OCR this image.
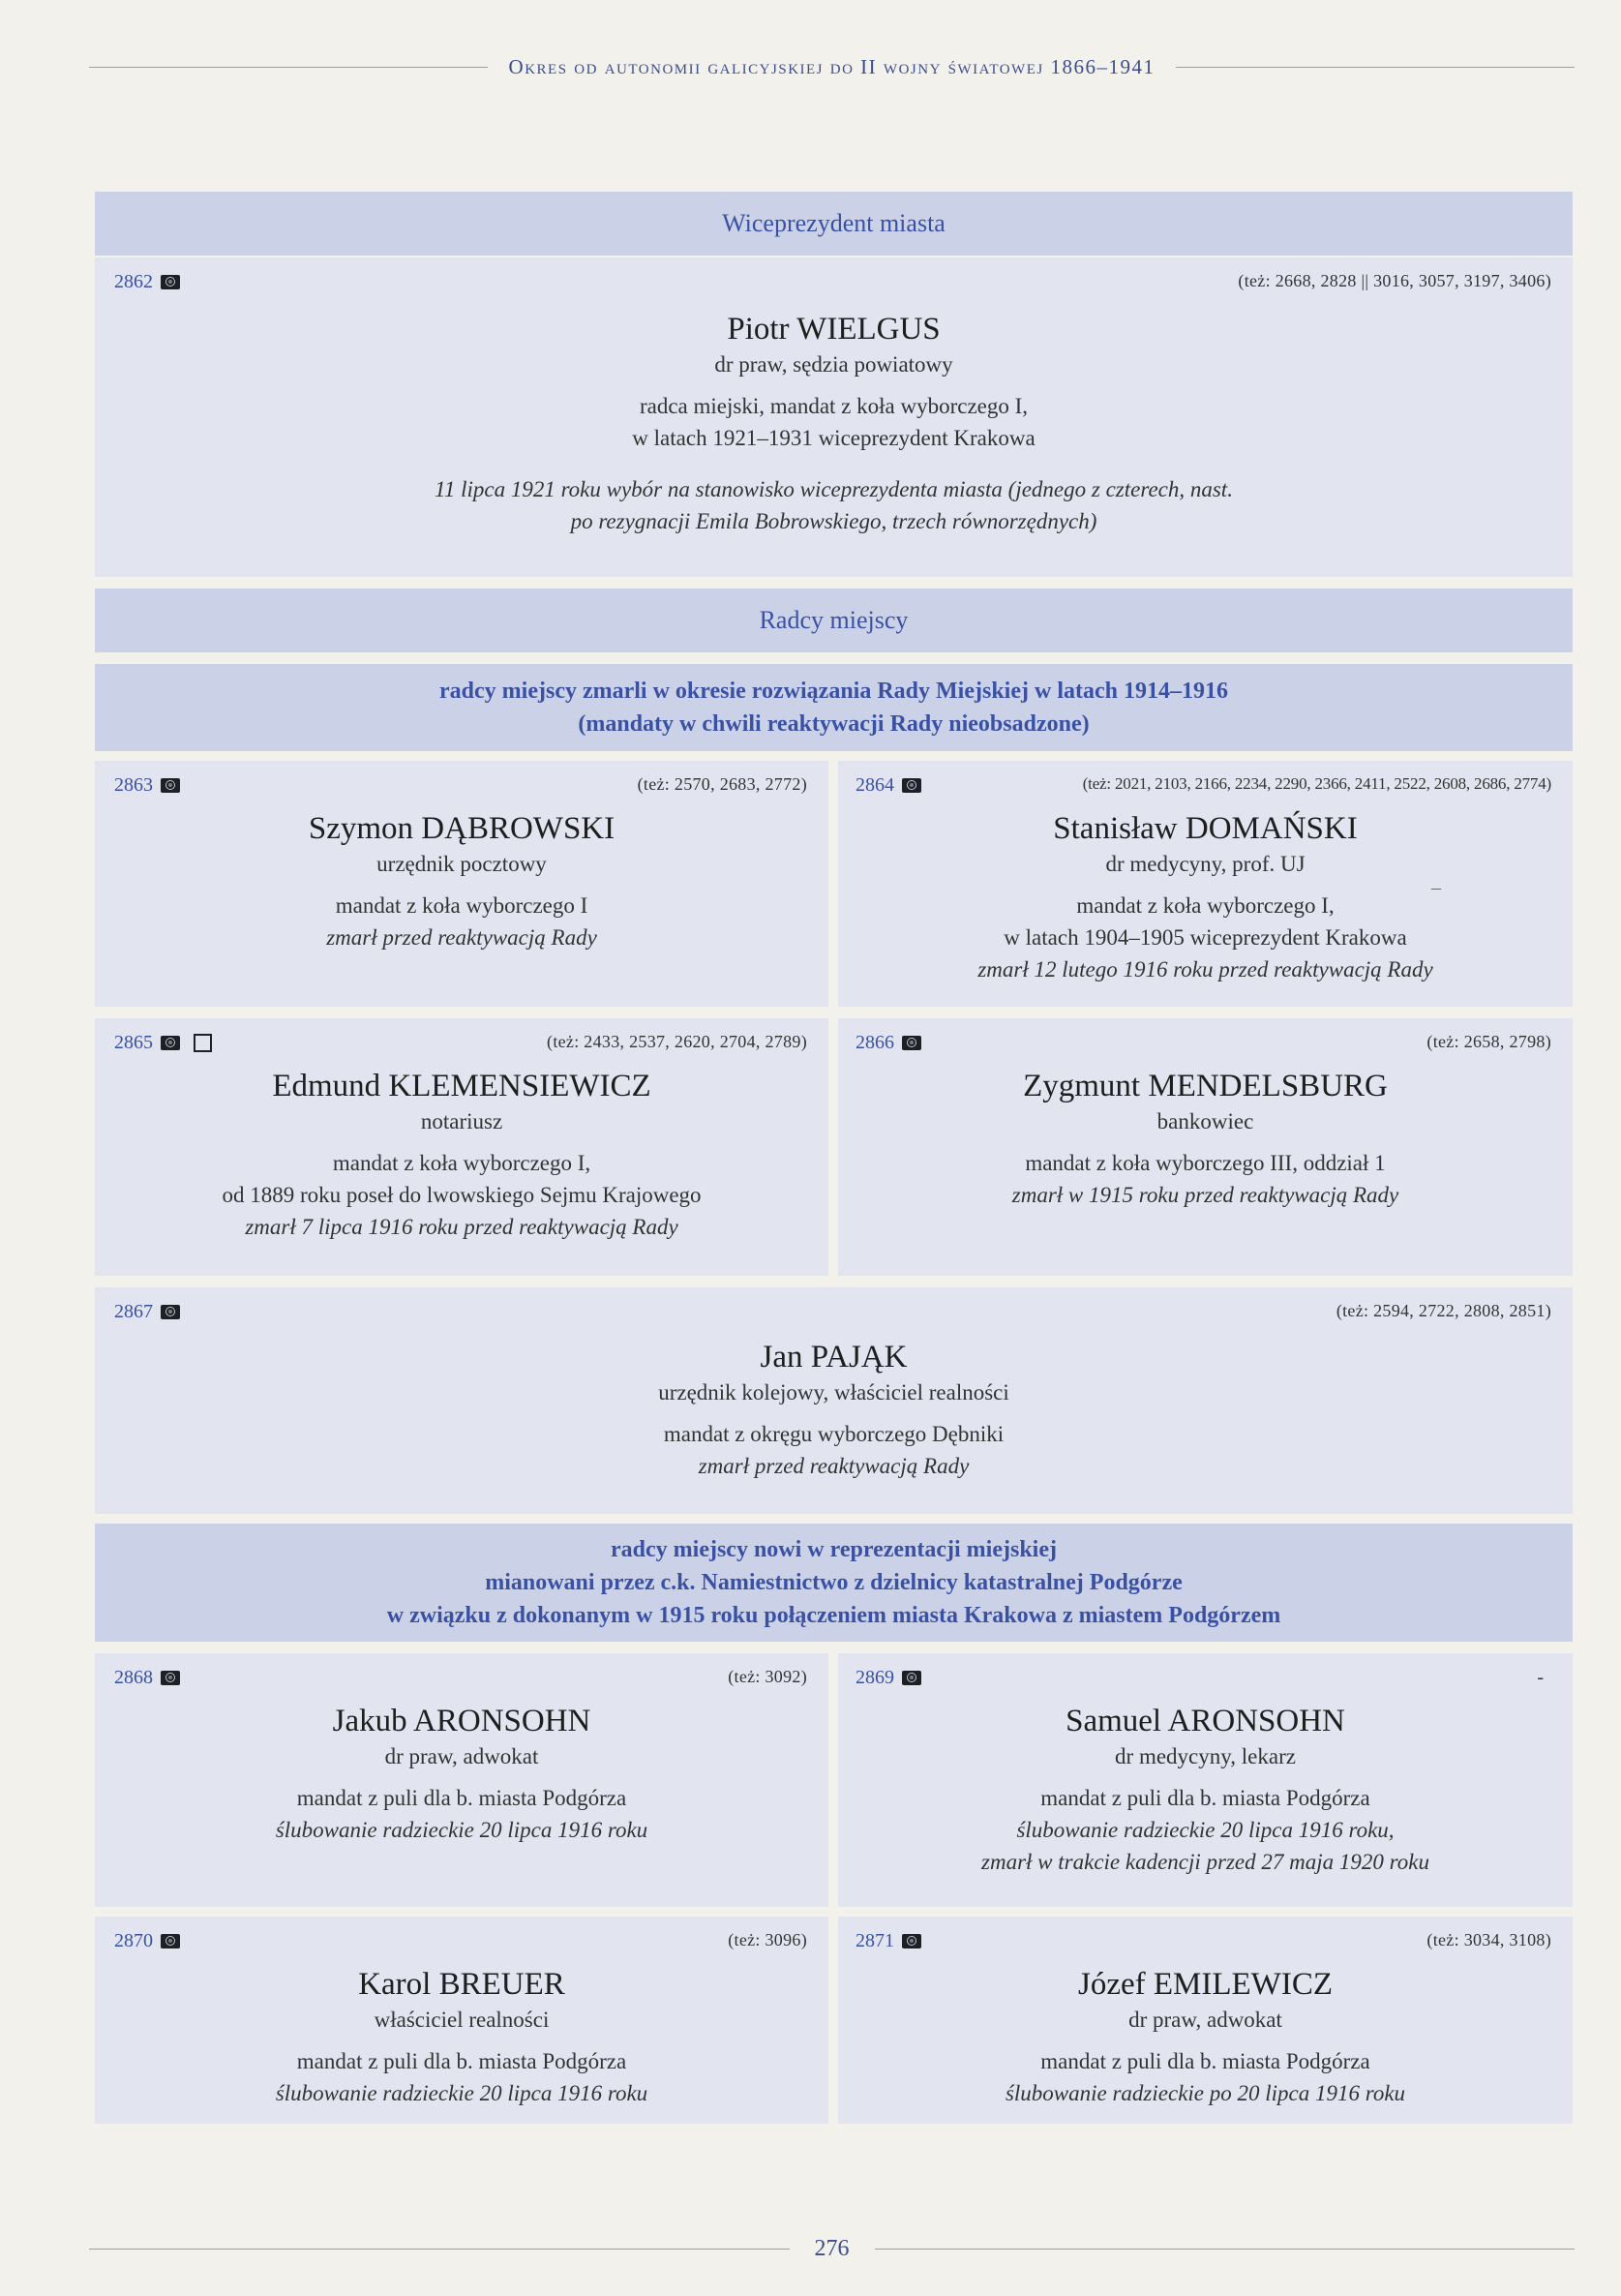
Okres od autonomii galicyjskiej do II wojny światowej 1866–1941
Wiceprezydent miasta
2862	(też: 2668, 2828 || 3016, 3057, 3197, 3406)
Piotr WIELGUS
dr praw, sędzia powiatowy
radca miejski, mandat z koła wyborczego I,
w latach 1921–1931 wiceprezydent Krakowa
11 lipca 1921 roku wybór na stanowisko wiceprezydenta miasta (jednego z czterech, nast.
po rezygnacji Emila Bobrowskiego, trzech równorzędnych)
Radcy miejscy
radcy miejscy zmarli w okresie rozwiązania Rady Miejskiej w latach 1914–1916
(mandaty w chwili reaktywacji Rady nieobsadzone)
2863	(też: 2570, 2683, 2772)
Szymon DĄBROWSKI
urzędnik pocztowy
mandat z koła wyborczego I
zmarł przed reaktywacją Rady
2864	(też: 2021, 2103, 2166, 2234, 2290, 2366, 2411, 2522, 2608, 2686, 2774)
Stanisław DOMAŃSKI
dr medycyny, prof. UJ
mandat z koła wyborczego I,
w latach 1904–1905 wiceprezydent Krakowa
zmarł 12 lutego 1916 roku przed reaktywacją Rady
–
2865	(też: 2433, 2537, 2620, 2704, 2789)
Edmund KLEMENSIEWICZ
notariusz
mandat z koła wyborczego I,
od 1889 roku poseł do lwowskiego Sejmu Krajowego
zmarł 7 lipca 1916 roku przed reaktywacją Rady
2866	(też: 2658, 2798)
Zygmunt MENDELSBURG
bankowiec
mandat z koła wyborczego III, oddział 1
zmarł w 1915 roku przed reaktywacją Rady
2867	(też: 2594, 2722, 2808, 2851)
Jan PAJĄK
urzędnik kolejowy, właściciel realności
mandat z okręgu wyborczego Dębniki
zmarł przed reaktywacją Rady
radcy miejscy nowi w reprezentacji miejskiej
mianowani przez c.k. Namiestnictwo z dzielnicy katastralnej Podgórze
w związku z dokonanym w 1915 roku połączeniem miasta Krakowa z miastem Podgórzem
2868	(też: 3092)
Jakub ARONSOHN
dr praw, adwokat
mandat z puli dla b. miasta Podgórza
ślubowanie radzieckie 20 lipca 1916 roku
2869	-
Samuel ARONSOHN
dr medycyny, lekarz
mandat z puli dla b. miasta Podgórza
ślubowanie radzieckie 20 lipca 1916 roku,
zmarł w trakcie kadencji przed 27 maja 1920 roku
2870	(też: 3096)
Karol BREUER
właściciel realności
mandat z puli dla b. miasta Podgórza
ślubowanie radzieckie 20 lipca 1916 roku
2871	(też: 3034, 3108)
Józef EMILEWICZ
dr praw, adwokat
mandat z puli dla b. miasta Podgórza
ślubowanie radzieckie po 20 lipca 1916 roku
276
